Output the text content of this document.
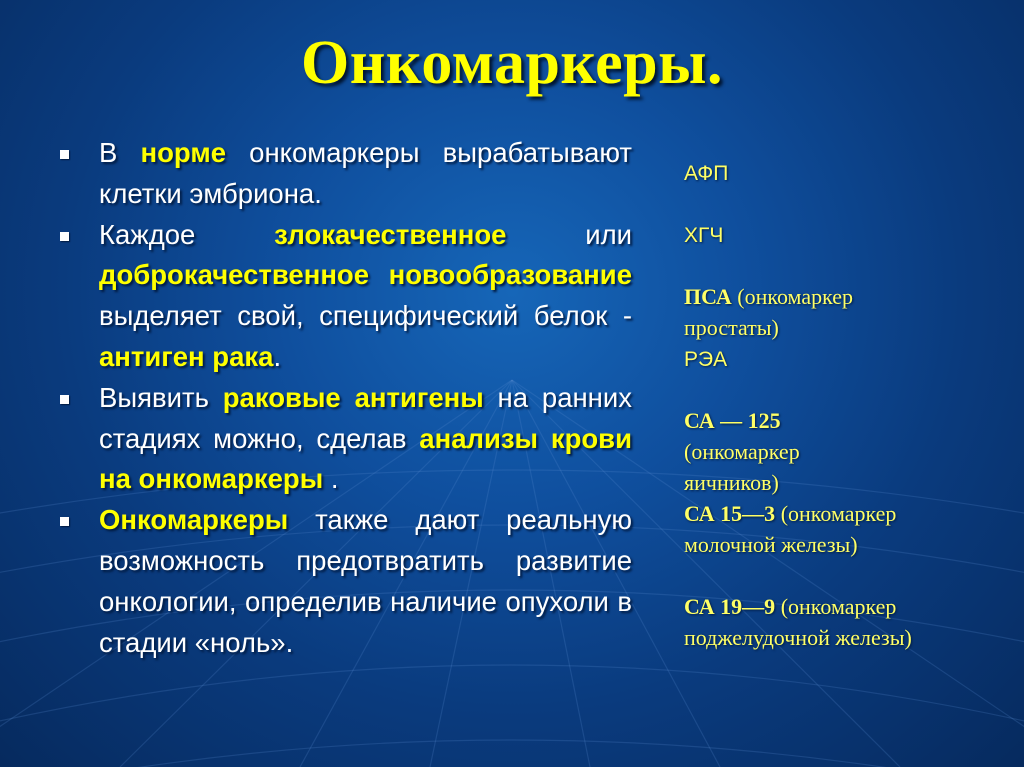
Онкомаркеры.
В норме онкомаркеры вырабатывают клетки эмбриона.
Каждое злокачественное или доброкачественное новообразование выделяет свой, специфический белок - антиген рака.
Выявить раковые антигены на ранних стадиях можно, сделав анализы крови на онкомаркеры .
Онкомаркеры также дают реальную возможность предотвратить развитие онкологии, определив наличие опухоли в стадии «ноль».
АФП
ХГЧ
ПСА (онкомаркер простаты)
РЭА
СА — 125 (онкомаркер яичников)
СА 15—3 (онкомаркер молочной железы)
СА 19—9 (онкомаркер поджелудочной железы)
